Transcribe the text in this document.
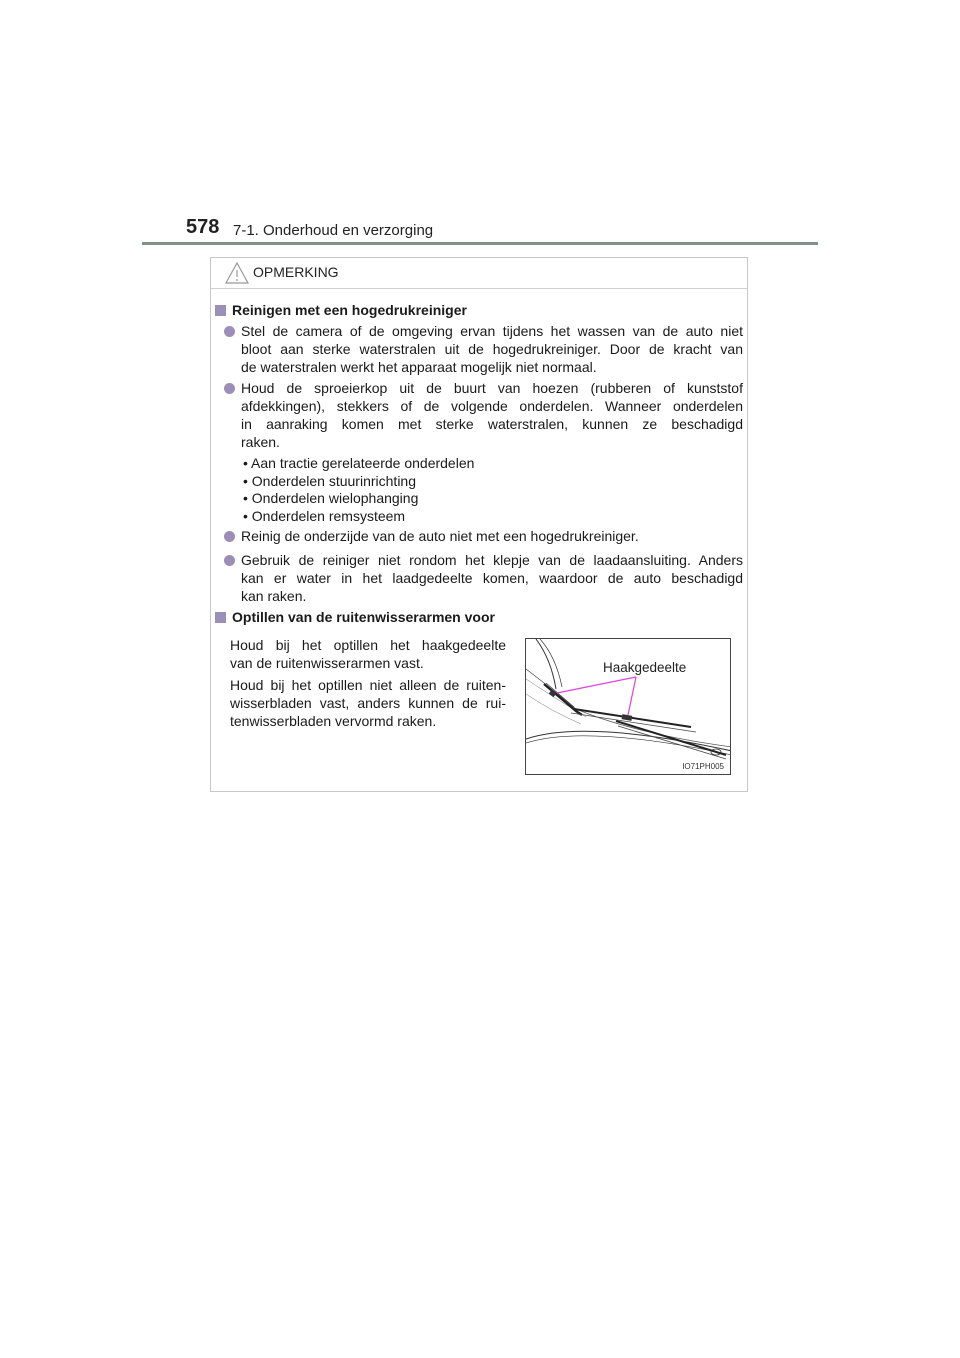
578 7-1. Onderhoud en verzorging
OPMERKING
Reinigen met een hogedrukreiniger
Stel de camera of de omgeving ervan tijdens het wassen van de auto niet
bloot aan sterke waterstralen uit de hogedrukreiniger. Door de kracht van
de waterstralen werkt het apparaat mogelijk niet normaal.
Houd de sproeierkop uit de buurt van hoezen (rubberen of kunststof
afdekkingen), stekkers of de volgende onderdelen. Wanneer onderdelen
in aanraking komen met sterke waterstralen, kunnen ze beschadigd
raken.
• Aan tractie gerelateerde onderdelen
• Onderdelen stuurinrichting
• Onderdelen wielophanging
• Onderdelen remsysteem
Reinig de onderzijde van de auto niet met een hogedrukreiniger.
Gebruik de reiniger niet rondom het klepje van de laadaansluiting. Anders
kan er water in het laadgedeelte komen, waardoor de auto beschadigd
kan raken.
Optillen van de ruitenwisserarmen voor
Houd bij het optillen het haakgedeelte
van de ruitenwisserarmen vast.
Houd bij het optillen niet alleen de ruiten-
wisserbladen vast, anders kunnen de rui-
tenwisserbladen vervormd raken.
Haakgedeelte
IO71PH005
